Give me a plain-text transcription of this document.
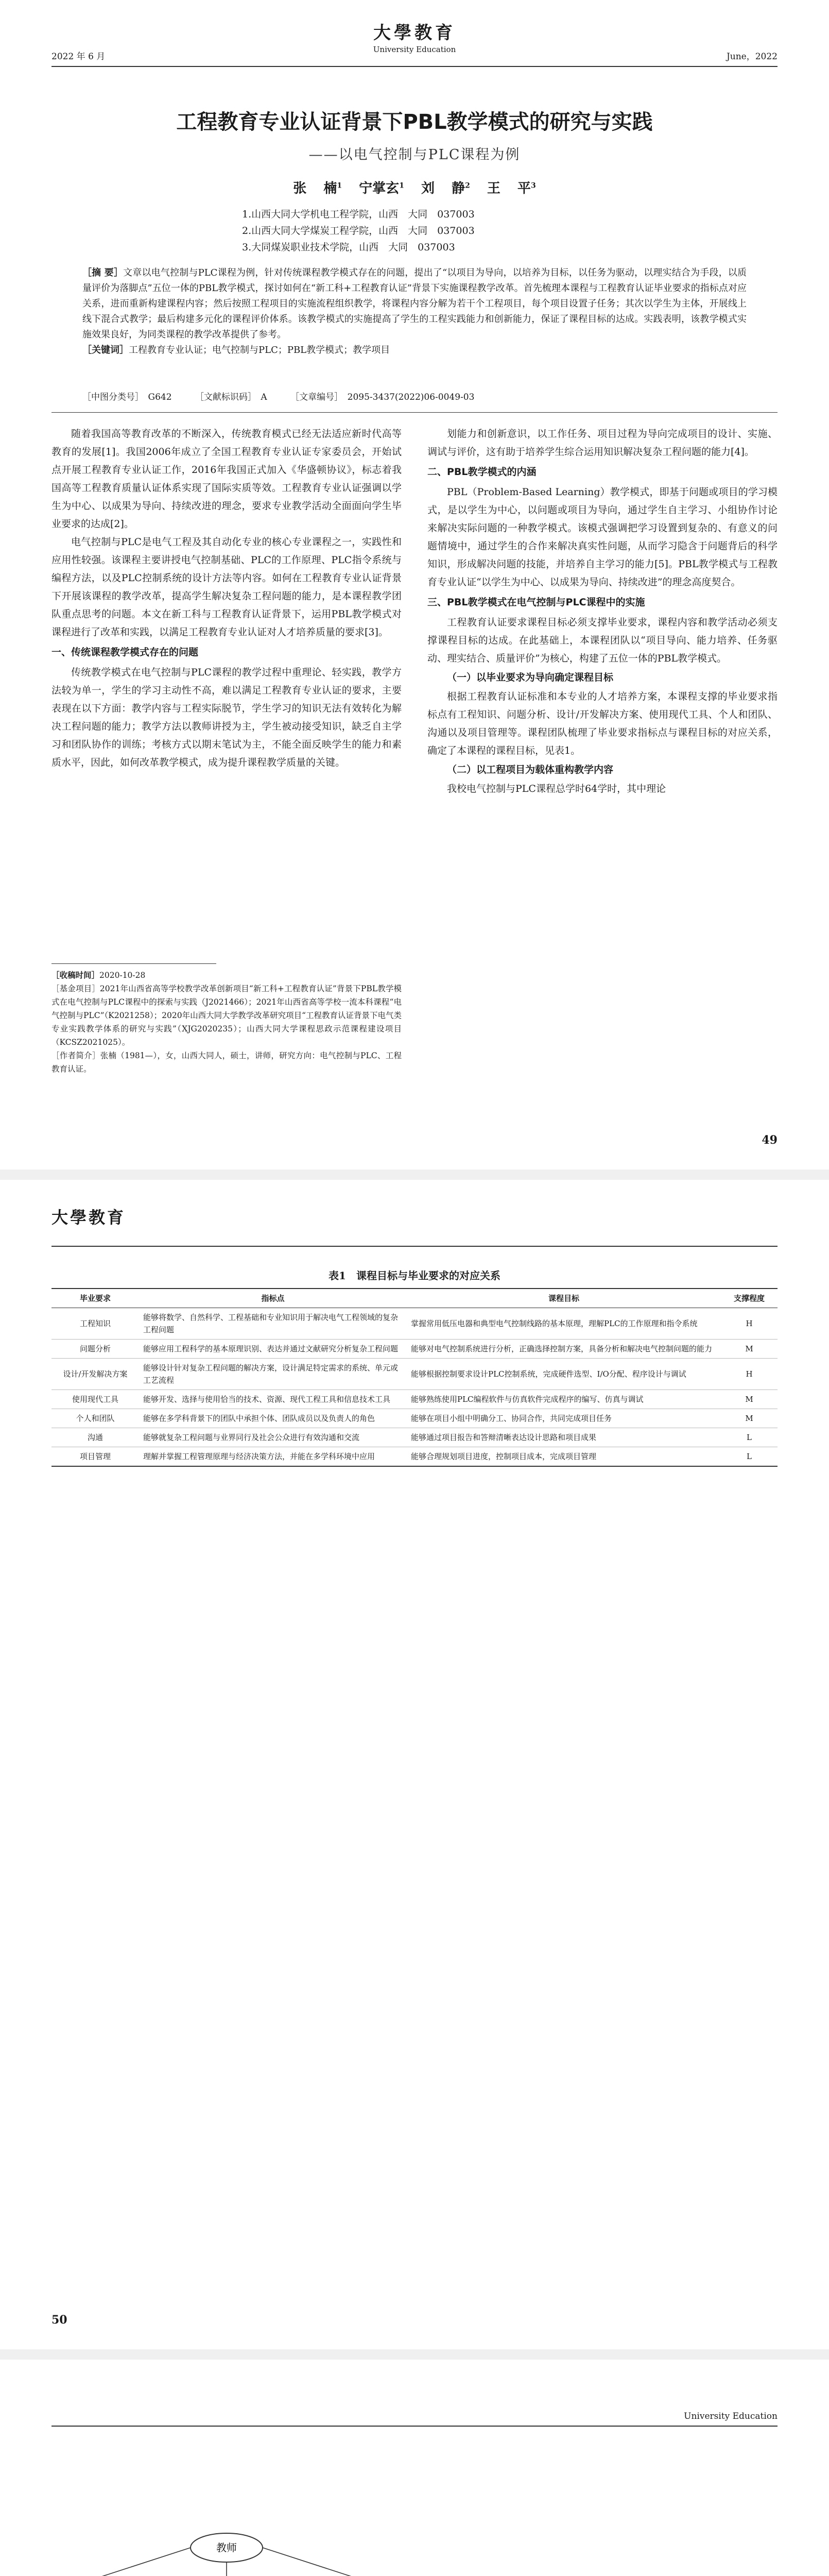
大學教育
University Education
2022 年 6 月	June，2022
工程教育专业认证背景下PBL教学模式的研究与实践
——以电气控制与PLC课程为例
张 楠$^1$ 宁掌玄$^1$ 刘 静$^2$ 王 平$^3$
1.山西大同大学机电工程学院，山西　大同　037003
2.山西大同大学煤炭工程学院，山西　大同　037003
3.大同煤炭职业技术学院，山西　大同　037003
［摘 要］文章以电气控制与PLC课程为例，针对传统课程教学模式存在的问题，提出了“以项目为导向，以培养为目标，以任务为驱动，以理实结合为手段，以质量评价为落脚点”五位一体的PBL教学模式，探讨如何在“新工科+工程教育认证”背景下实施课程教学改革。首先梳理本课程与工程教育认证毕业要求的指标点对应关系，进而重新构建课程内容；然后按照工程项目的实施流程组织教学，将课程内容分解为若干个工程项目，每个项目设置子任务；其次以学生为主体，开展线上线下混合式教学；最后构建多元化的课程评价体系。该教学模式的实施提高了学生的工程实践能力和创新能力，保证了课程目标的达成。实践表明，该教学模式实施效果良好，为同类课程的教学改革提供了参考。
［关键词］工程教育专业认证；电气控制与PLC；PBL教学模式；教学项目
［中图分类号］　G642	［文献标识码］　A	［文章编号］　2095-3437(2022)06-0049-03

随着我国高等教育改革的不断深入，传统教育模式已经无法适应新时代高等教育的发展[1]。我国2006年成立了全国工程教育专业认证专家委员会，开始试点开展工程教育专业认证工作，2016年我国正式加入《华盛顿协议》，标志着我国高等工程教育质量认证体系实现了国际实质等效。工程教育专业认证强调以学生为中心、以成果为导向、持续改进的理念，要求专业教学活动全面面向学生毕业要求的达成[2]。

电气控制与PLC是电气工程及其自动化专业的核心专业课程之一，实践性和应用性较强。该课程主要讲授电气控制基础、PLC的工作原理、PLC指令系统与编程方法，以及PLC控制系统的设计方法等内容。如何在工程教育专业认证背景下开展该课程的教学改革，提高学生解决复杂工程问题的能力，是本课程教学团队重点思考的问题。本文在新工科与工程教育认证背景下，运用PBL教学模式对课程进行了改革和实践，以满足工程教育专业认证对人才培养质量的要求[3]。

一、传统课程教学模式存在的问题

传统教学模式在电气控制与PLC课程的教学过程中重理论、轻实践，教学方法较为单一，学生的学习主动性不高，难以满足工程教育专业认证的要求，主要表现在以下方面：教学内容与工程实际脱节，学生学习的知识无法有效转化为解决工程问题的能力；教学方法以教师讲授为主，学生被动接受知识，缺乏自主学习和团队协作的训练；考核方式以期末笔试为主，不能全面反映学生的能力和素质水平，因此，如何改革教学模式，成为提升课程教学质量的关键。

划能力和创新意识，以工作任务、项目过程为导向完成项目的设计、实施、调试与评价，这有助于培养学生综合运用知识解决复杂工程问题的能力[4]。

二、PBL教学模式的内涵

PBL（Problem-Based Learning）教学模式，即基于问题或项目的学习模式，是以学生为中心，以问题或项目为导向，通过学生自主学习、小组协作讨论来解决实际问题的一种教学模式。该模式强调把学习设置到复杂的、有意义的问题情境中，通过学生的合作来解决真实性问题，从而学习隐含于问题背后的科学知识，形成解决问题的技能，并培养自主学习的能力[5]。PBL教学模式与工程教育专业认证“以学生为中心、以成果为导向、持续改进”的理念高度契合。

三、PBL教学模式在电气控制与PLC课程中的实施

工程教育认证要求课程目标必须支撑毕业要求，课程内容和教学活动必须支撑课程目标的达成。在此基础上，本课程团队以“项目导向、能力培养、任务驱动、理实结合、质量评价”为核心，构建了五位一体的PBL教学模式。

（一）以毕业要求为导向确定课程目标

根据工程教育认证标准和本专业的人才培养方案，本课程支撑的毕业要求指标点有工程知识、问题分析、设计/开发解决方案、使用现代工具、个人和团队、沟通以及项目管理等。课程团队梳理了毕业要求指标点与课程目标的对应关系，确定了本课程的课程目标，见表1。

（二）以工程项目为载体重构教学内容

我校电气控制与PLC课程总学时64学时，其中理论

［收稿时间］2020-10-28
［基金项目］2021年山西省高等学校教学改革创新项目“新工科+工程教育认证”背景下PBL教学模式在电气控制与PLC课程中的探索与实践（J2021466）；2021年山西省高等学校一流本科课程“电气控制与PLC”（K2021258）；2020年山西大同大学教学改革研究项目“工程教育认证背景下电气类专业实践教学体系的研究与实践”（XJG2020235）；山西大同大学课程思政示范课程建设项目（KCSZ2021025）。
［作者简介］张楠（1981—），女，山西大同人，硕士，讲师，研究方向：电气控制与PLC、工程教育认证。
49
大學教育
表1　课程目标与毕业要求的对应关系
毕业要求	指标点	课程目标	支撑程度
工程知识	能够将数学、自然科学、工程基础和专业知识用于解决电气工程领域的复杂工程问题	掌握常用低压电器和典型电气控制线路的基本原理，理解PLC的工作原理和指令系统	H
问题分析	能够应用工程科学的基本原理识别、表达并通过文献研究分析复杂工程问题	能够对电气控制系统进行分析，正确选择控制方案，具备分析和解决电气控制问题的能力	M
设计/开发解决方案	能够设计针对复杂工程问题的解决方案，设计满足特定需求的系统、单元或工艺流程	能够根据控制要求设计PLC控制系统，完成硬件选型、I/O分配、程序设计与调试	H
使用现代工具	能够开发、选择与使用恰当的技术、资源、现代工程工具和信息技术工具	能够熟练使用PLC编程软件与仿真软件完成程序的编写、仿真与调试	M
个人和团队	能够在多学科背景下的团队中承担个体、团队成员以及负责人的角色	能够在项目小组中明确分工、协同合作，共同完成项目任务	M
沟通	能够就复杂工程问题与业界同行及社会公众进行有效沟通和交流	能够通过项目报告和答辩清晰表达设计思路和项目成果	L
项目管理	理解并掌握工程管理原理与经济决策方法，并能在多学科环境中应用	能够合理规划项目进度，控制项目成本，完成项目管理	L
50
University Education
教师
